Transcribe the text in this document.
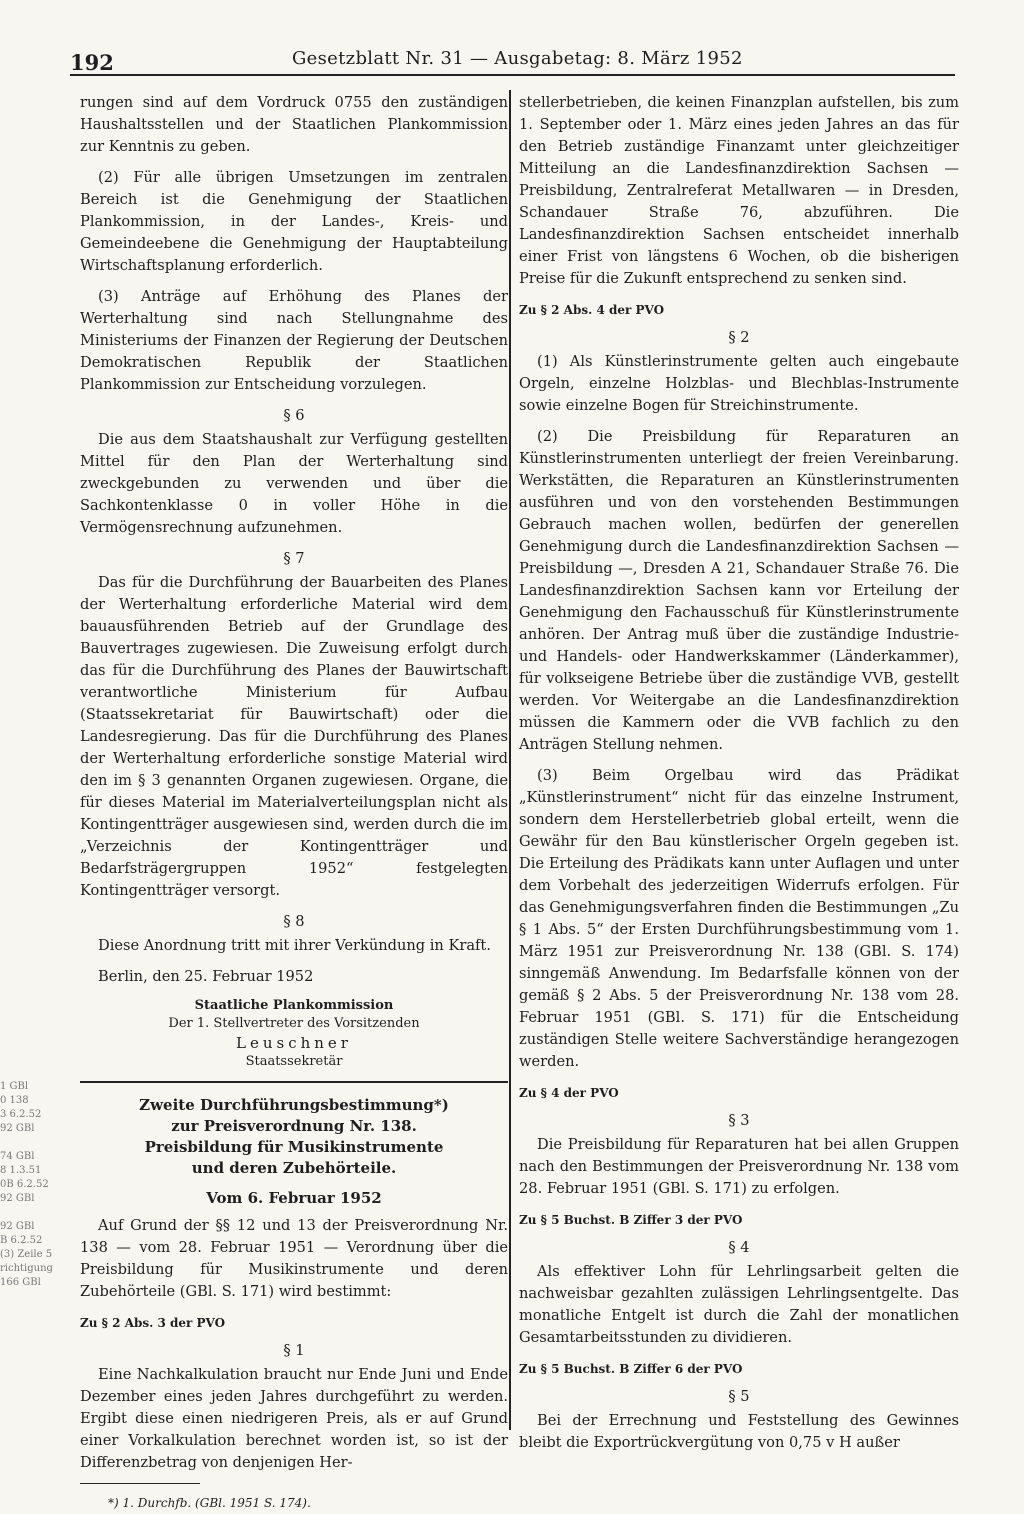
192	Gesetzblatt Nr. 31 — Ausgabetag: 8. März 1952

rungen sind auf dem Vordruck 0755 den zuständigen Haushaltsstellen und der Staatlichen Plankommission zur Kenntnis zu geben.

(2) Für alle übrigen Umsetzungen im zentralen Bereich ist die Genehmigung der Staatlichen Plankommission, in der Landes-, Kreis- und Gemeindeebene die Genehmigung der Hauptabteilung Wirtschaftsplanung erforderlich.

(3) Anträge auf Erhöhung des Planes der Werterhaltung sind nach Stellungnahme des Ministeriums der Finanzen der Regierung der Deutschen Demokratischen Republik der Staatlichen Plankommission zur Entscheidung vorzulegen.

§ 6

Die aus dem Staatshaushalt zur Verfügung gestellten Mittel für den Plan der Werterhaltung sind zweckgebunden zu verwenden und über die Sachkontenklasse 0 in voller Höhe in die Vermögensrechnung aufzunehmen.

§ 7

Das für die Durchführung der Bauarbeiten des Planes der Werterhaltung erforderliche Material wird dem bauausführenden Betrieb auf der Grundlage des Bauvertrages zugewiesen. Die Zuweisung erfolgt durch das für die Durchführung des Planes der Bauwirtschaft verantwortliche Ministerium für Aufbau (Staatssekretariat für Bauwirtschaft) oder die Landesregierung. Das für die Durchführung des Planes der Werterhaltung erforderliche sonstige Material wird den im § 3 genannten Organen zugewiesen. Organe, die für dieses Material im Materialverteilungsplan nicht als Kontingentträger ausgewiesen sind, werden durch die im „Verzeichnis der Kontingentträger und Bedarfsträgergruppen 1952“ festgelegten Kontingentträger versorgt.

§ 8

Diese Anordnung tritt mit ihrer Verkündung in Kraft.

Berlin, den 25. Februar 1952

Staatliche Plankommission
Der 1. Stellvertreter des Vorsitzenden
Leuschner
Staatssekretär
Zweite Durchführungsbestimmung*)
zur Preisverordnung Nr. 138.
Preisbildung für Musikinstrumente
und deren Zubehörteile.
Vom 6. Februar 1952

Auf Grund der §§ 12 und 13 der Preisverordnung Nr. 138 — vom 28. Februar 1951 — Verordnung über die Preisbildung für Musikinstrumente und deren Zubehörteile (GBl. S. 171) wird bestimmt:

Zu § 2 Abs. 3 der PVO
§ 1

Eine Nachkalkulation braucht nur Ende Juni und Ende Dezember eines jeden Jahres durchgeführt zu werden. Ergibt diese einen niedrigeren Preis, als er auf Grund einer Vorkalkulation berechnet worden ist, so ist der Differenzbetrag von denjenigen Her-

*) 1. Durchfb. (GBl. 1951 S. 174).

stellerbetrieben, die keinen Finanzplan aufstellen, bis zum 1. September oder 1. März eines jeden Jahres an das für den Betrieb zuständige Finanzamt unter gleichzeitiger Mitteilung an die Landesfinanzdirektion Sachsen — Preisbildung, Zentralreferat Metallwaren — in Dresden, Schandauer Straße 76, abzuführen. Die Landesfinanzdirektion Sachsen entscheidet innerhalb einer Frist von längstens 6 Wochen, ob die bisherigen Preise für die Zukunft entsprechend zu senken sind.

Zu § 2 Abs. 4 der PVO
§ 2

(1) Als Künstlerinstrumente gelten auch eingebaute Orgeln, einzelne Holzblas- und Blechblas-Instrumente sowie einzelne Bogen für Streichinstrumente.

(2) Die Preisbildung für Reparaturen an Künstlerinstrumenten unterliegt der freien Vereinbarung. Werkstätten, die Reparaturen an Künstlerinstrumenten ausführen und von den vorstehenden Bestimmungen Gebrauch machen wollen, bedürfen der generellen Genehmigung durch die Landesfinanzdirektion Sachsen — Preisbildung —, Dresden A 21, Schandauer Straße 76. Die Landesfinanzdirektion Sachsen kann vor Erteilung der Genehmigung den Fachausschuß für Künstlerinstrumente anhören. Der Antrag muß über die zuständige Industrie- und Handels- oder Handwerkskammer (Länderkammer), für volkseigene Betriebe über die zuständige VVB, gestellt werden. Vor Weitergabe an die Landesfinanzdirektion müssen die Kammern oder die VVB fachlich zu den Anträgen Stellung nehmen.

(3) Beim Orgelbau wird das Prädikat „Künstlerinstrument“ nicht für das einzelne Instrument, sondern dem Herstellerbetrieb global erteilt, wenn die Gewähr für den Bau künstlerischer Orgeln gegeben ist. Die Erteilung des Prädikats kann unter Auflagen und unter dem Vorbehalt des jederzeitigen Widerrufs erfolgen. Für das Genehmigungsverfahren finden die Bestimmungen „Zu § 1 Abs. 5“ der Ersten Durchführungsbestimmung vom 1. März 1951 zur Preisverordnung Nr. 138 (GBl. S. 174) sinngemäß Anwendung. Im Bedarfsfalle können von der gemäß § 2 Abs. 5 der Preisverordnung Nr. 138 vom 28. Februar 1951 (GBl. S. 171) für die Entscheidung zuständigen Stelle weitere Sachverständige herangezogen werden.

Zu § 4 der PVO
§ 3

Die Preisbildung für Reparaturen hat bei allen Gruppen nach den Bestimmungen der Preisverordnung Nr. 138 vom 28. Februar 1951 (GBl. S. 171) zu erfolgen.

Zu § 5 Buchst. B Ziffer 3 der PVO
§ 4

Als effektiver Lohn für Lehrlingsarbeit gelten die nachweisbar gezahlten zulässigen Lehrlingsentgelte. Das monatliche Entgelt ist durch die Zahl der monatlichen Gesamtarbeitsstunden zu dividieren.

Zu § 5 Buchst. B Ziffer 6 der PVO
§ 5

Bei der Errechnung und Feststellung des Gewinnes bleibt die Exportrückvergütung von 0,75 v H außer

1 GBl
0 138
3 6.2.52
92 GBl
74 GBl
8 1.3.51
0B 6.2.52
92 GBl
92 GBl
B 6.2.52
(3) Zeile 5
richtigung
166 GBl
